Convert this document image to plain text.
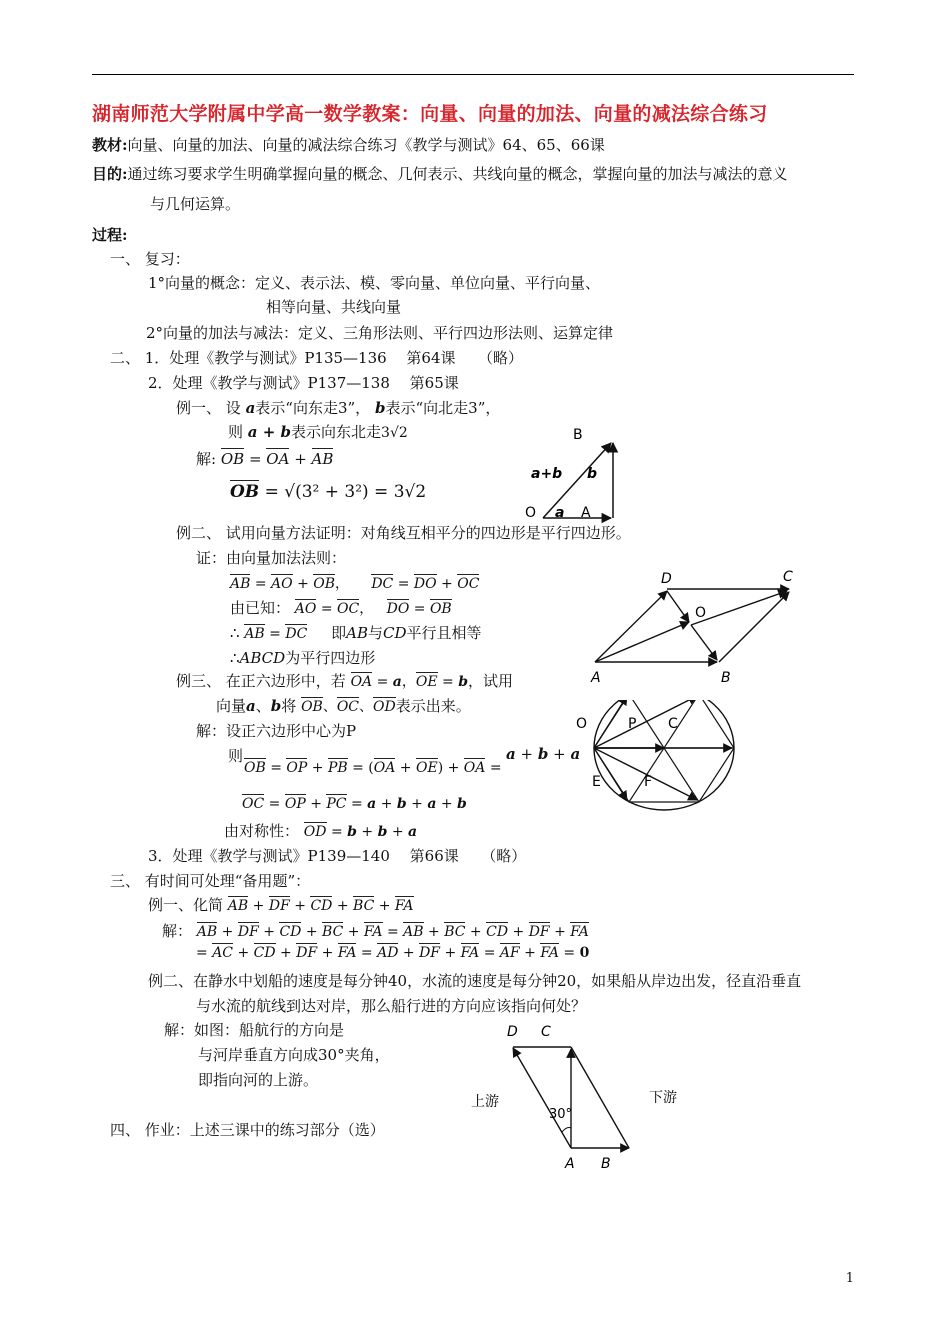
湖南师范大学附属中学高一数学教案：向量、向量的加法、向量的减法综合练习
教材:向量、向量的加法、向量的减法综合练习《教学与测试》64、65、66课
目的:通过练习要求学生明确掌握向量的概念、几何表示、共线向量的概念，掌握向量的加法与减法的意义
与几何运算。
过程:
一、 复习：
1°向量的概念：定义、表示法、模、零向量、单位向量、平行向量、
相等向量、共线向量
2°向量的加法与减法：定义、三角形法则、平行四边形法则、运算定律
二、 1．处理《教学与测试》P135—136　 第64课　　（略）
2．处理《教学与测试》P137—138　 第65课
例一、 设 a表示“向东走3”， b表示“向北走3”，
则 a + b表示向东北走3√2
解: OB = OA + AB
OB = √(3² + 3²) = 3√2
B
O	A
a
b
a+b
例二、 试用向量方法证明：对角线互相平分的四边形是平行四边形。
证：由向量加法法则：
AB = AO + OB，     DC = DO + OC
由已知： AO = OC，   DO = OB
∴ AB = DC 即AB与CD平行且相等
∴ABCD为平行四边形
D	C
O
A	B
例三、 在正六边形中，若 OA = a，OE = b，试用
向量a、b将 OB、OC、OD表示出来。
解：设正六边形中心为P
则
OB = OP + PB = (OA + OE) + OA =
a + b + a
OC = OP + PC = a + b + a + b
由对称性： OD = b + b + a
O	P C
E	F
3．处理《教学与测试》P139—140　 第66课　　（略）
三、 有时间可处理“备用题”：
例一、化简 AB + DF + CD + BC + FA
解： AB + DF + CD + BC + FA = AB + BC + CD + DF + FA
= AC + CD + DF + FA = AD + DF + FA = AF + FA = 0
例二、在静水中划船的速度是每分钟40，水流的速度是每分钟20，如果船从岸边出发，径直沿垂直
与水流的航线到达对岸，那么船行进的方向应该指向何处？
解：如图：船航行的方向是
与河岸垂直方向成30°夹角，
即指向河的上游。
D C
A B
30°
上游	下游
四、 作业：上述三课中的练习部分（选）
1
